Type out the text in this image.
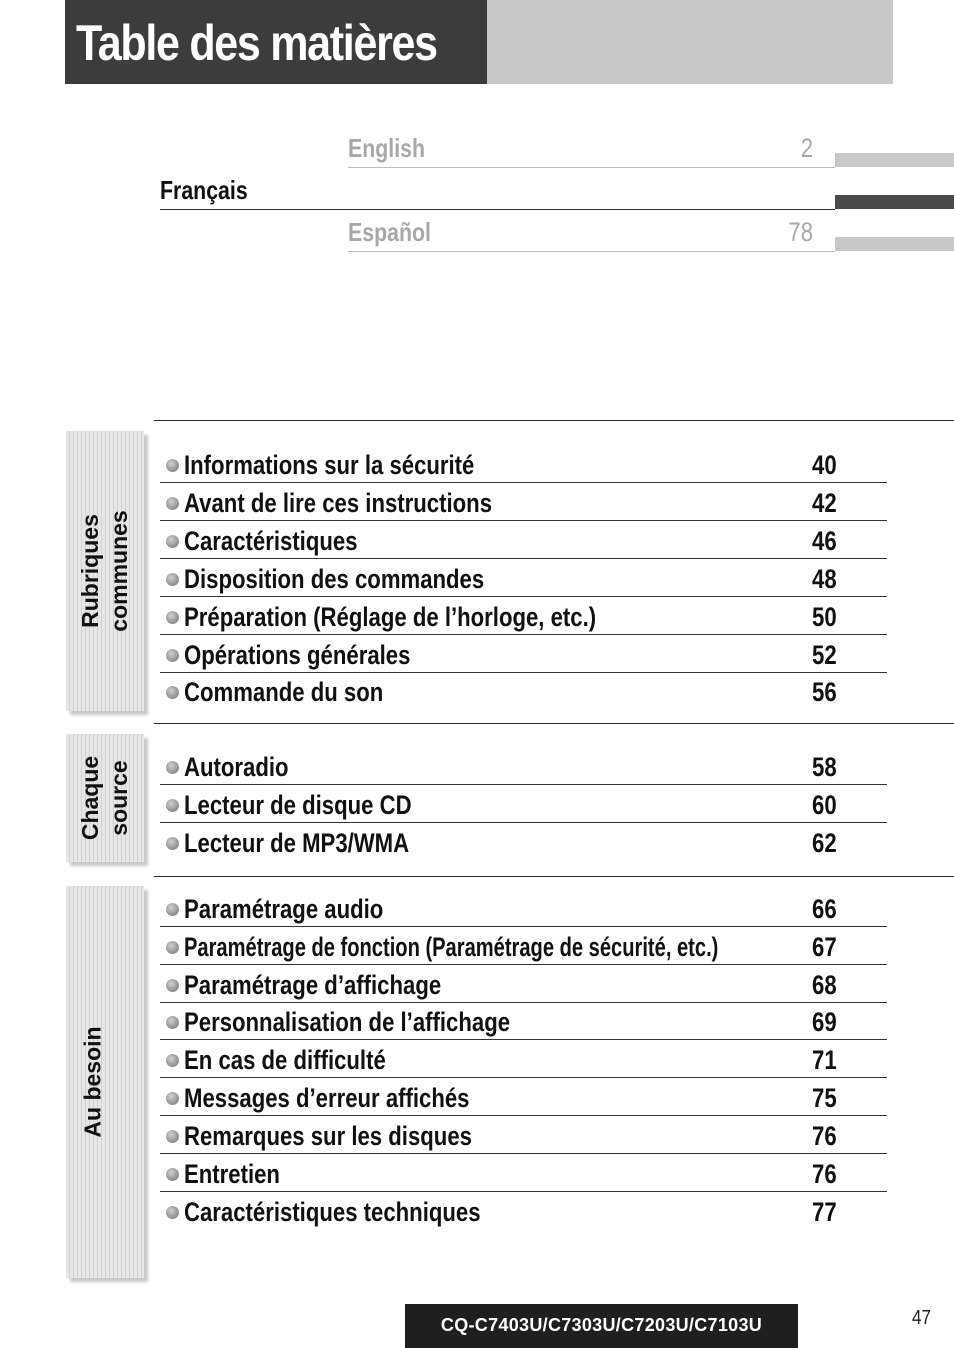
Table des matières
English	2
Français
Español	78
Rubriques communes
Chaque source
Au besoin
Informations sur la sécurité	40
Avant de lire ces instructions	42
Caractéristiques	46
Disposition des commandes	48
Préparation (Réglage de l’horloge, etc.)	50
Opérations générales	52
Commande du son	56
Autoradio	58
Lecteur de disque CD	60
Lecteur de MP3/WMA	62
Paramétrage audio	66
Paramétrage de fonction (Paramétrage de sécurité, etc.)	67
Paramétrage d’affichage	68
Personnalisation de l’affichage	69
En cas de difficulté	71
Messages d’erreur affichés	75
Remarques sur les disques	76
Entretien	76
Caractéristiques techniques	77
CQ-C7403U/C7303U/C7203U/C7103U	47
